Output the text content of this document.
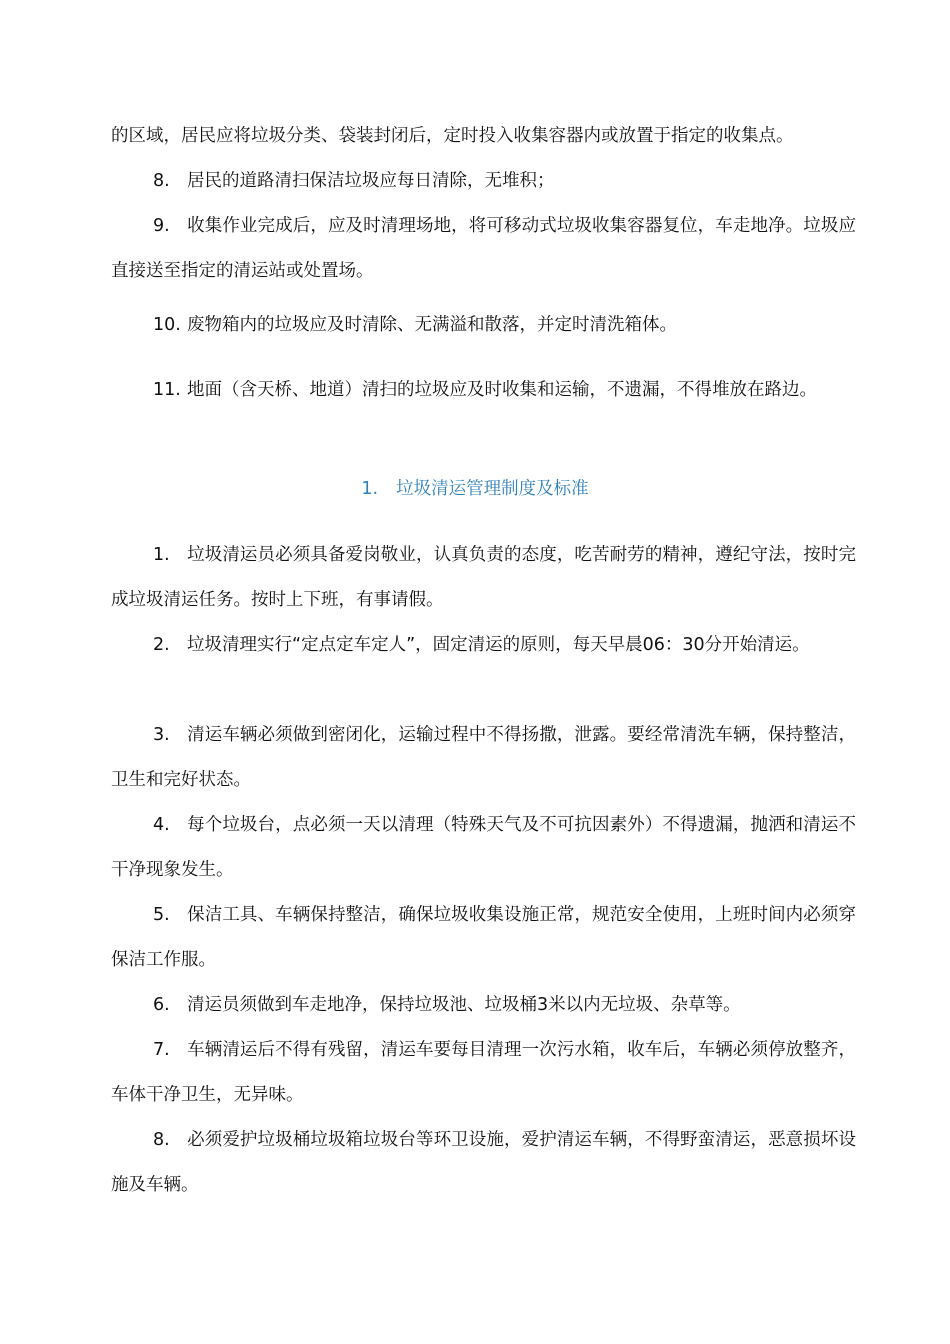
的区域，居民应将垃圾分类、袋装封闭后，定时投入收集容器内或放置于指定的收集点。

8. 居民的道路清扫保洁垃圾应每日清除，无堆积；

9. 收集作业完成后，应及时清理场地，将可移动式垃圾收集容器复位，车走地净。垃圾应直接送至指定的清运站或处置场。

10. 废物箱内的垃圾应及时清除、无满溢和散落，并定时清洗箱体。

11. 地面（含天桥、地道）清扫的垃圾应及时收集和运输，不遗漏，不得堆放在路边。

1. 垃圾清运管理制度及标准

1. 垃圾清运员必须具备爱岗敬业，认真负责的态度，吃苦耐劳的精神，遵纪守法，按时完成垃圾清运任务。按时上下班，有事请假。

2. 垃圾清理实行“定点定车定人”，固定清运的原则，每天早晨06：30分开始清运。

3. 清运车辆必须做到密闭化，运输过程中不得扬撒，泄露。要经常清洗车辆，保持整洁，卫生和完好状态。

4. 每个垃圾台，点必须一天以清理（特殊天气及不可抗因素外）不得遗漏，抛洒和清运不干净现象发生。

5. 保洁工具、车辆保持整洁，确保垃圾收集设施正常，规范安全使用，上班时间内必须穿保洁工作服。

6. 清运员须做到车走地净，保持垃圾池、垃圾桶3米以内无垃圾、杂草等。

7. 车辆清运后不得有残留，清运车要每目清理一次污水箱，收车后，车辆必须停放整齐，车体干净卫生，无异味。

8. 必须爱护垃圾桶垃圾箱垃圾台等环卫设施，爱护清运车辆，不得野蛮清运，恶意损坏设施及车辆。
